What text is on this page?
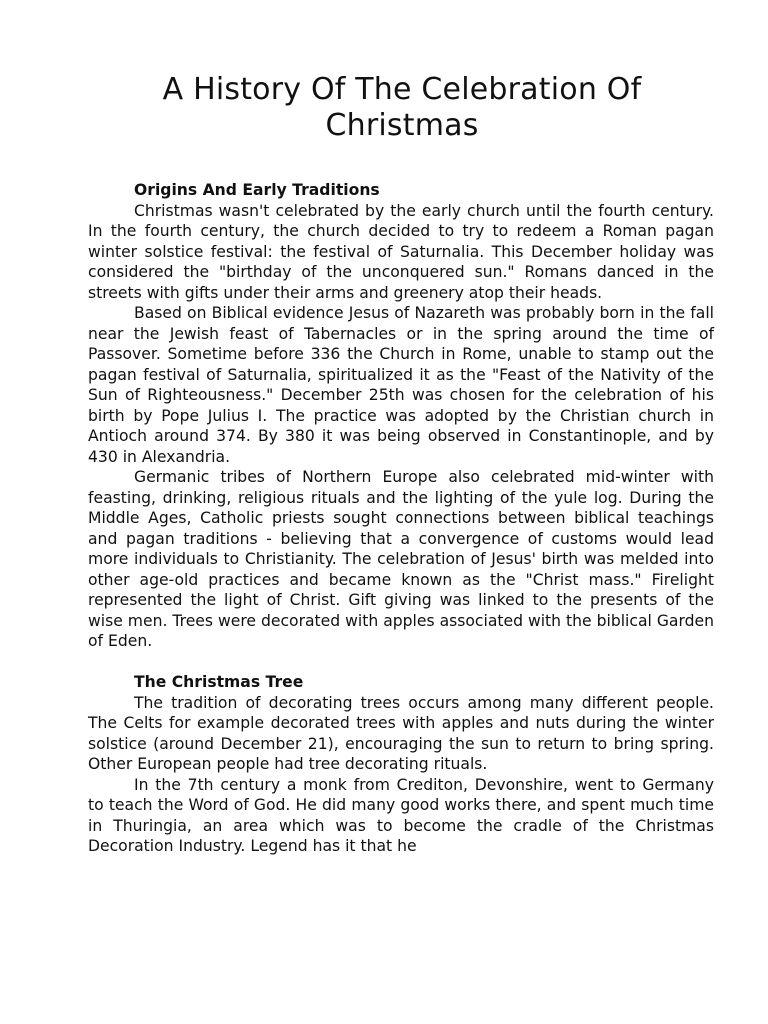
A History Of The Celebration Of
Christmas
Origins And Early Traditions

Christmas wasn't celebrated by the early church until the fourth century. In the fourth century, the church decided to try to redeem a Roman pagan winter solstice festival: the festival of Saturnalia. This December holiday was considered the "birthday of the unconquered sun." Romans danced in the streets with gifts under their arms and greenery atop their heads.

Based on Biblical evidence Jesus of Nazareth was probably born in the fall near the Jewish feast of Tabernacles or in the spring around the time of Passover. Sometime before 336 the Church in Rome, unable to stamp out the pagan festival of Saturnalia, spiritualized it as the "Feast of the Nativity of the Sun of Righteousness." December 25th was chosen for the celebration of his birth by Pope Julius I. The practice was adopted by the Christian church in Antioch around 374. By 380 it was being observed in Constantinople, and by 430 in Alexandria.

Germanic tribes of Northern Europe also celebrated mid-winter with feasting, drinking, religious rituals and the lighting of the yule log. During the Middle Ages, Catholic priests sought connections between biblical teachings and pagan traditions - believing that a convergence of customs would lead more individuals to Christianity. The celebration of Jesus' birth was melded into other age-old practices and became known as the "Christ mass." Firelight represented the light of Christ. Gift giving was linked to the presents of the wise men. Trees were decorated with apples associated with the biblical Garden of Eden.

The Christmas Tree

The tradition of decorating trees occurs among many different people. The Celts for example decorated trees with apples and nuts during the winter solstice (around December 21), encouraging the sun to return to bring spring. Other European people had tree decorating rituals.

In the 7th century a monk from Crediton, Devonshire, went to Germany to teach the Word of God. He did many good works there, and spent much time in Thuringia, an area which was to become the cradle of the Christmas Decoration Industry. Legend has it that he
